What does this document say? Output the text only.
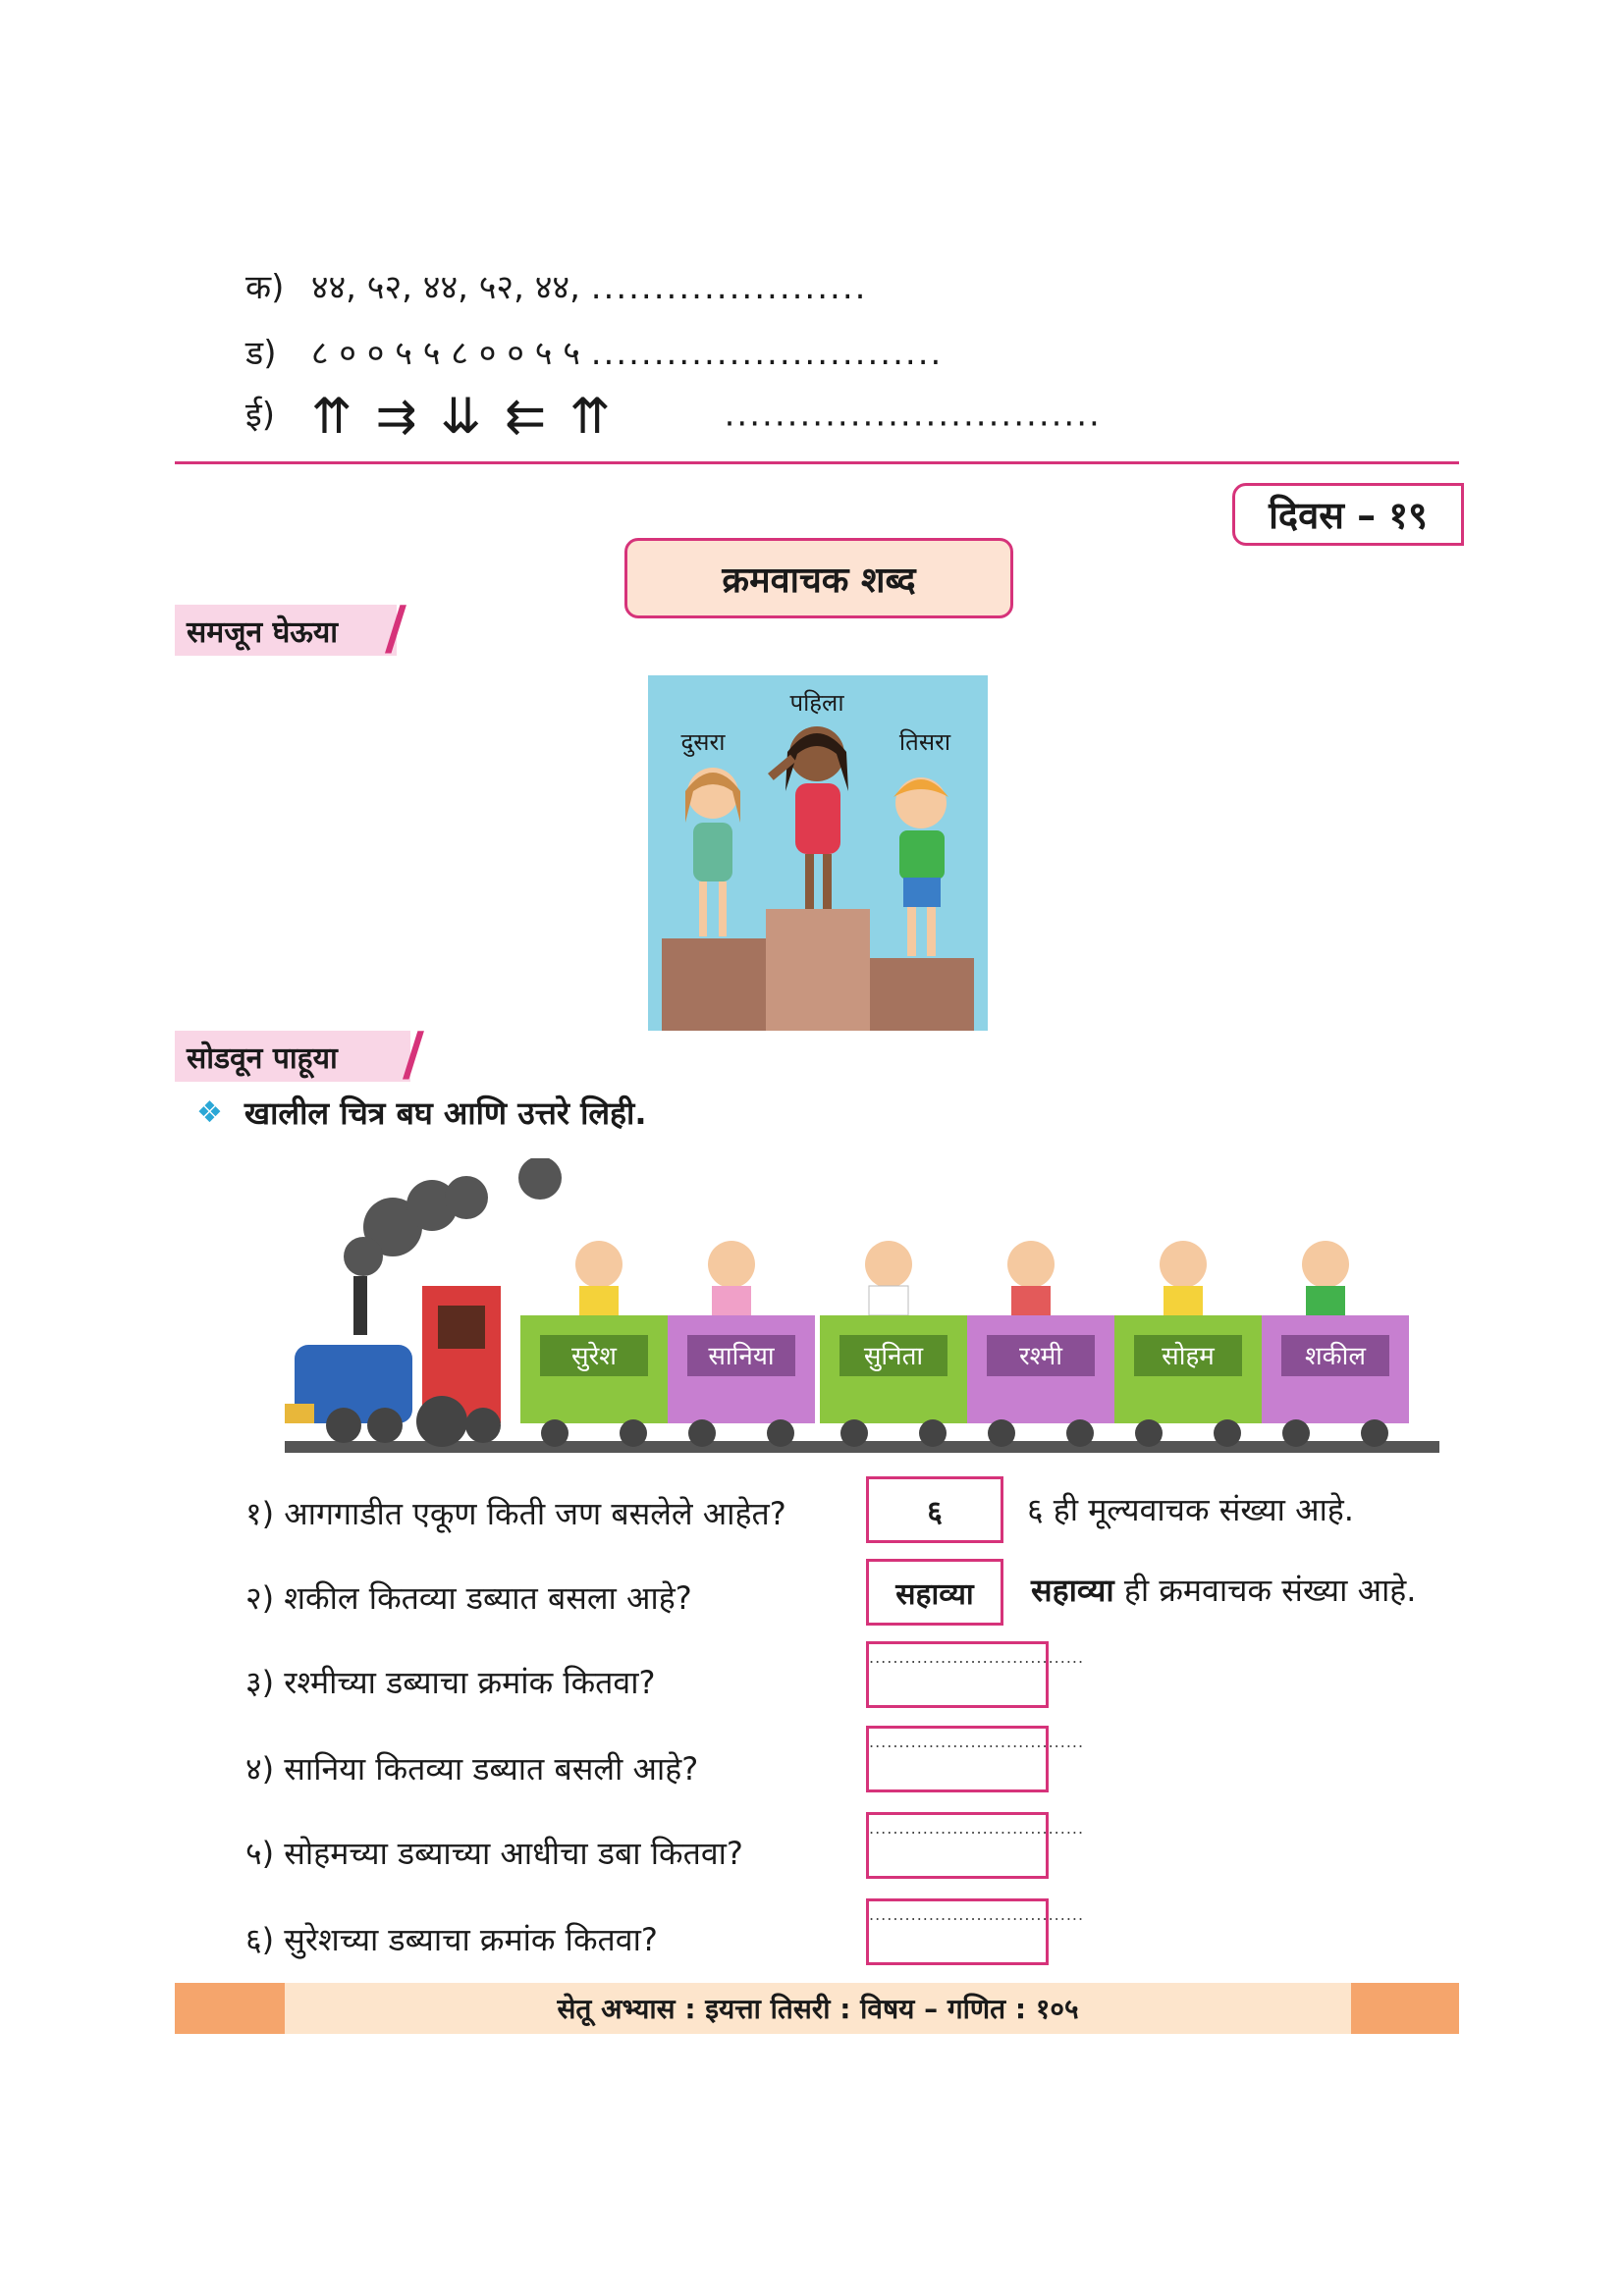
क) ४४, ५२, ४४, ५२, ४४, ......................
ड) ८ ० ० ५ ५ ८ ० ० ५ ५ ............................
ई) ⇈ ⇉ ⇊ ⇇ ⇈	..............................
दिवस – १९
क्रमवाचक शब्द
समजून घेऊया /
पहिला
दुसरा	तिसरा
सोडवून पाहूया /
❖ खालील चित्र बघ आणि उत्तरे लिही.
सुरेश	सानिया	सुनिता	रश्मी	सोहम	शकील
१) आगगाडीत एकूण किती जण बसलेले आहेत?	६	६ ही मूल्यवाचक संख्या आहे.
२) शकील कितव्या डब्यात बसला आहे?	सहाव्या	सहाव्या ही क्रमवाचक संख्या आहे.
३) रश्मीच्या डब्याचा क्रमांक कितवा?
....................................
४) सानिया कितव्या डब्यात बसली आहे?
....................................
५) सोहमच्या डब्याच्या आधीचा डबा कितवा?
....................................
६) सुरेशच्या डब्याचा क्रमांक कितवा?
....................................
सेतू अभ्यास : इयत्ता तिसरी : विषय – गणित : १०५
